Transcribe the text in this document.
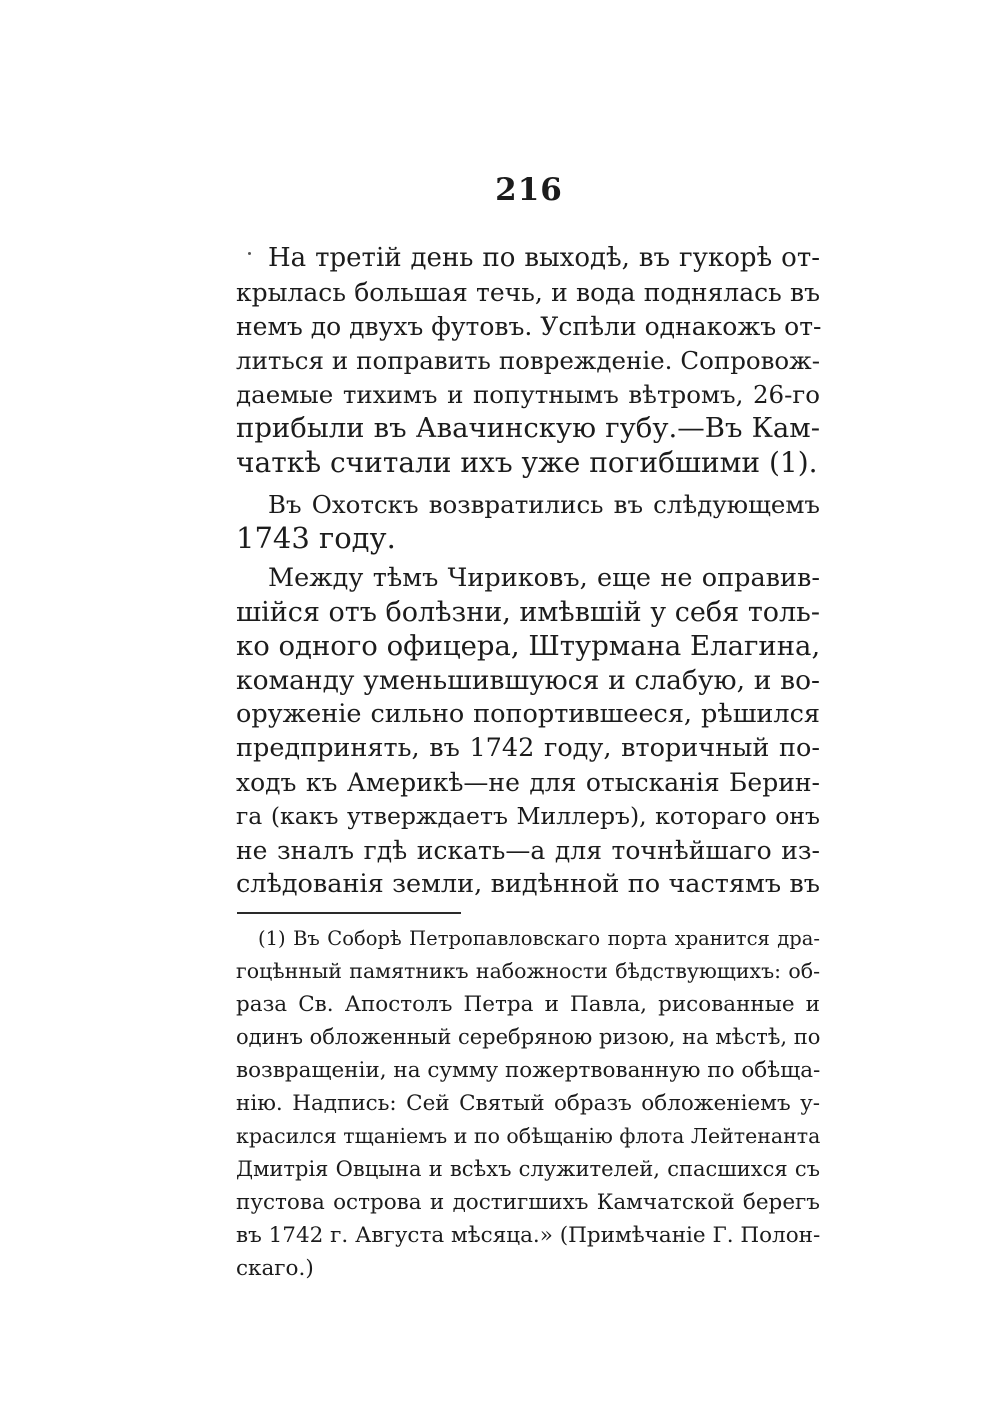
216
На третій день по выходѣ, въ гукорѣ от-
крылась большая течь, и вода поднялась въ
немъ до двухъ футовъ. Успѣли однакожъ от-
литься и поправить поврежденіе. Сопровож-
даемые тихимъ и попутнымъ вѣтромъ, 26-го
прибыли въ Авачинскую губу.—Въ Кам-
чаткѣ считали ихъ уже погибшими (1).
Въ Охотскъ возвратились въ слѣдующемъ
1743 году.
Между тѣмъ Чириковъ, еще не оправив-
шійся отъ болѣзни, имѣвшій у себя толь-
ко одного офицера, Штурмана Елагина,
команду уменьшившуюся и слабую, и во-
оруженіе сильно попортившееся, рѣшился
предпринять, въ 1742 году, вторичный по-
ходъ къ Америкѣ—не для отысканія Берин-
га (какъ утверждаетъ Миллеръ), котораго онъ
не зналъ гдѣ искать—а для точнѣйшаго из-
слѣдованія земли, видѣнной по частямъ въ
(1) Въ Соборѣ Петропавловскаго порта хранится дра-
гоцѣнный памятникъ набожности бѣдствующихъ: об-
раза Св. Апостолъ Петра и Павла, рисованные и
одинъ обложенный серебряною ризою, на мѣстѣ, по
возвращеніи, на сумму пожертвованную по обѣща-
нію. Надпись: Сей Святый образъ обложеніемъ у-
красился тщаніемъ и по обѣщанію флота Лейтенанта
Дмитрія Овцына и всѣхъ служителей, спасшихся съ
пустова острова и достигшихъ Камчатской берегъ
въ 1742 г. Августа мѣсяца.» (Примѣчаніе Г. Полон-
скаго.)
